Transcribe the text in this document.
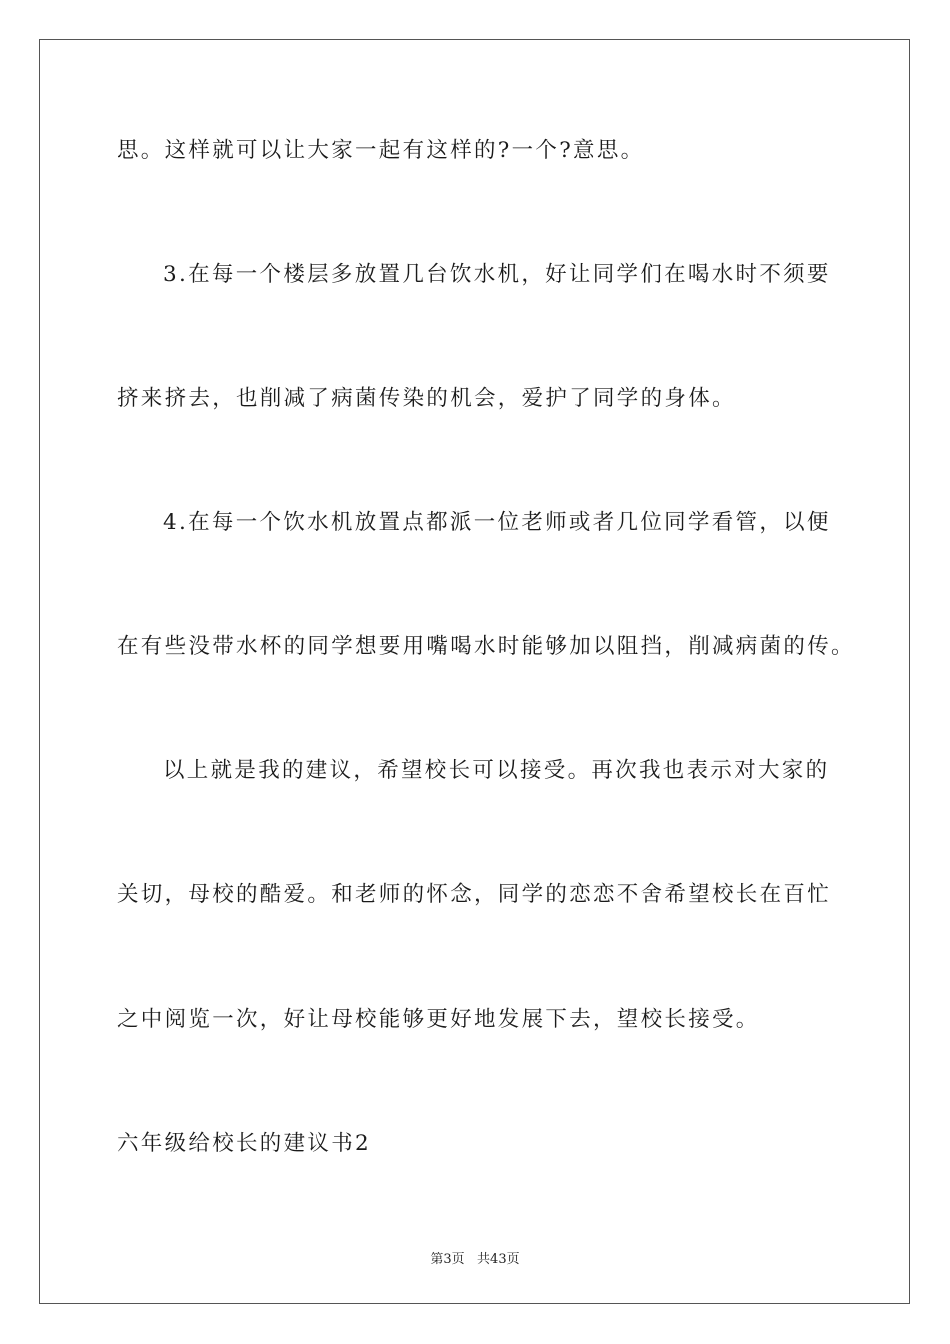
思。这样就可以让大家一起有这样的?一个?意思。
3.在每一个楼层多放置几台饮水机，好让同学们在喝水时不须要
挤来挤去，也削减了病菌传染的机会，爱护了同学的身体。
4.在每一个饮水机放置点都派一位老师或者几位同学看管，以便
在有些没带水杯的同学想要用嘴喝水时能够加以阻挡，削减病菌的传。
以上就是我的建议，希望校长可以接受。再次我也表示对大家的
关切，母校的酷爱。和老师的怀念，同学的恋恋不舍希望校长在百忙
之中阅览一次，好让母校能够更好地发展下去，望校长接受。
六年级给校长的建议书2
第3页   共43页
